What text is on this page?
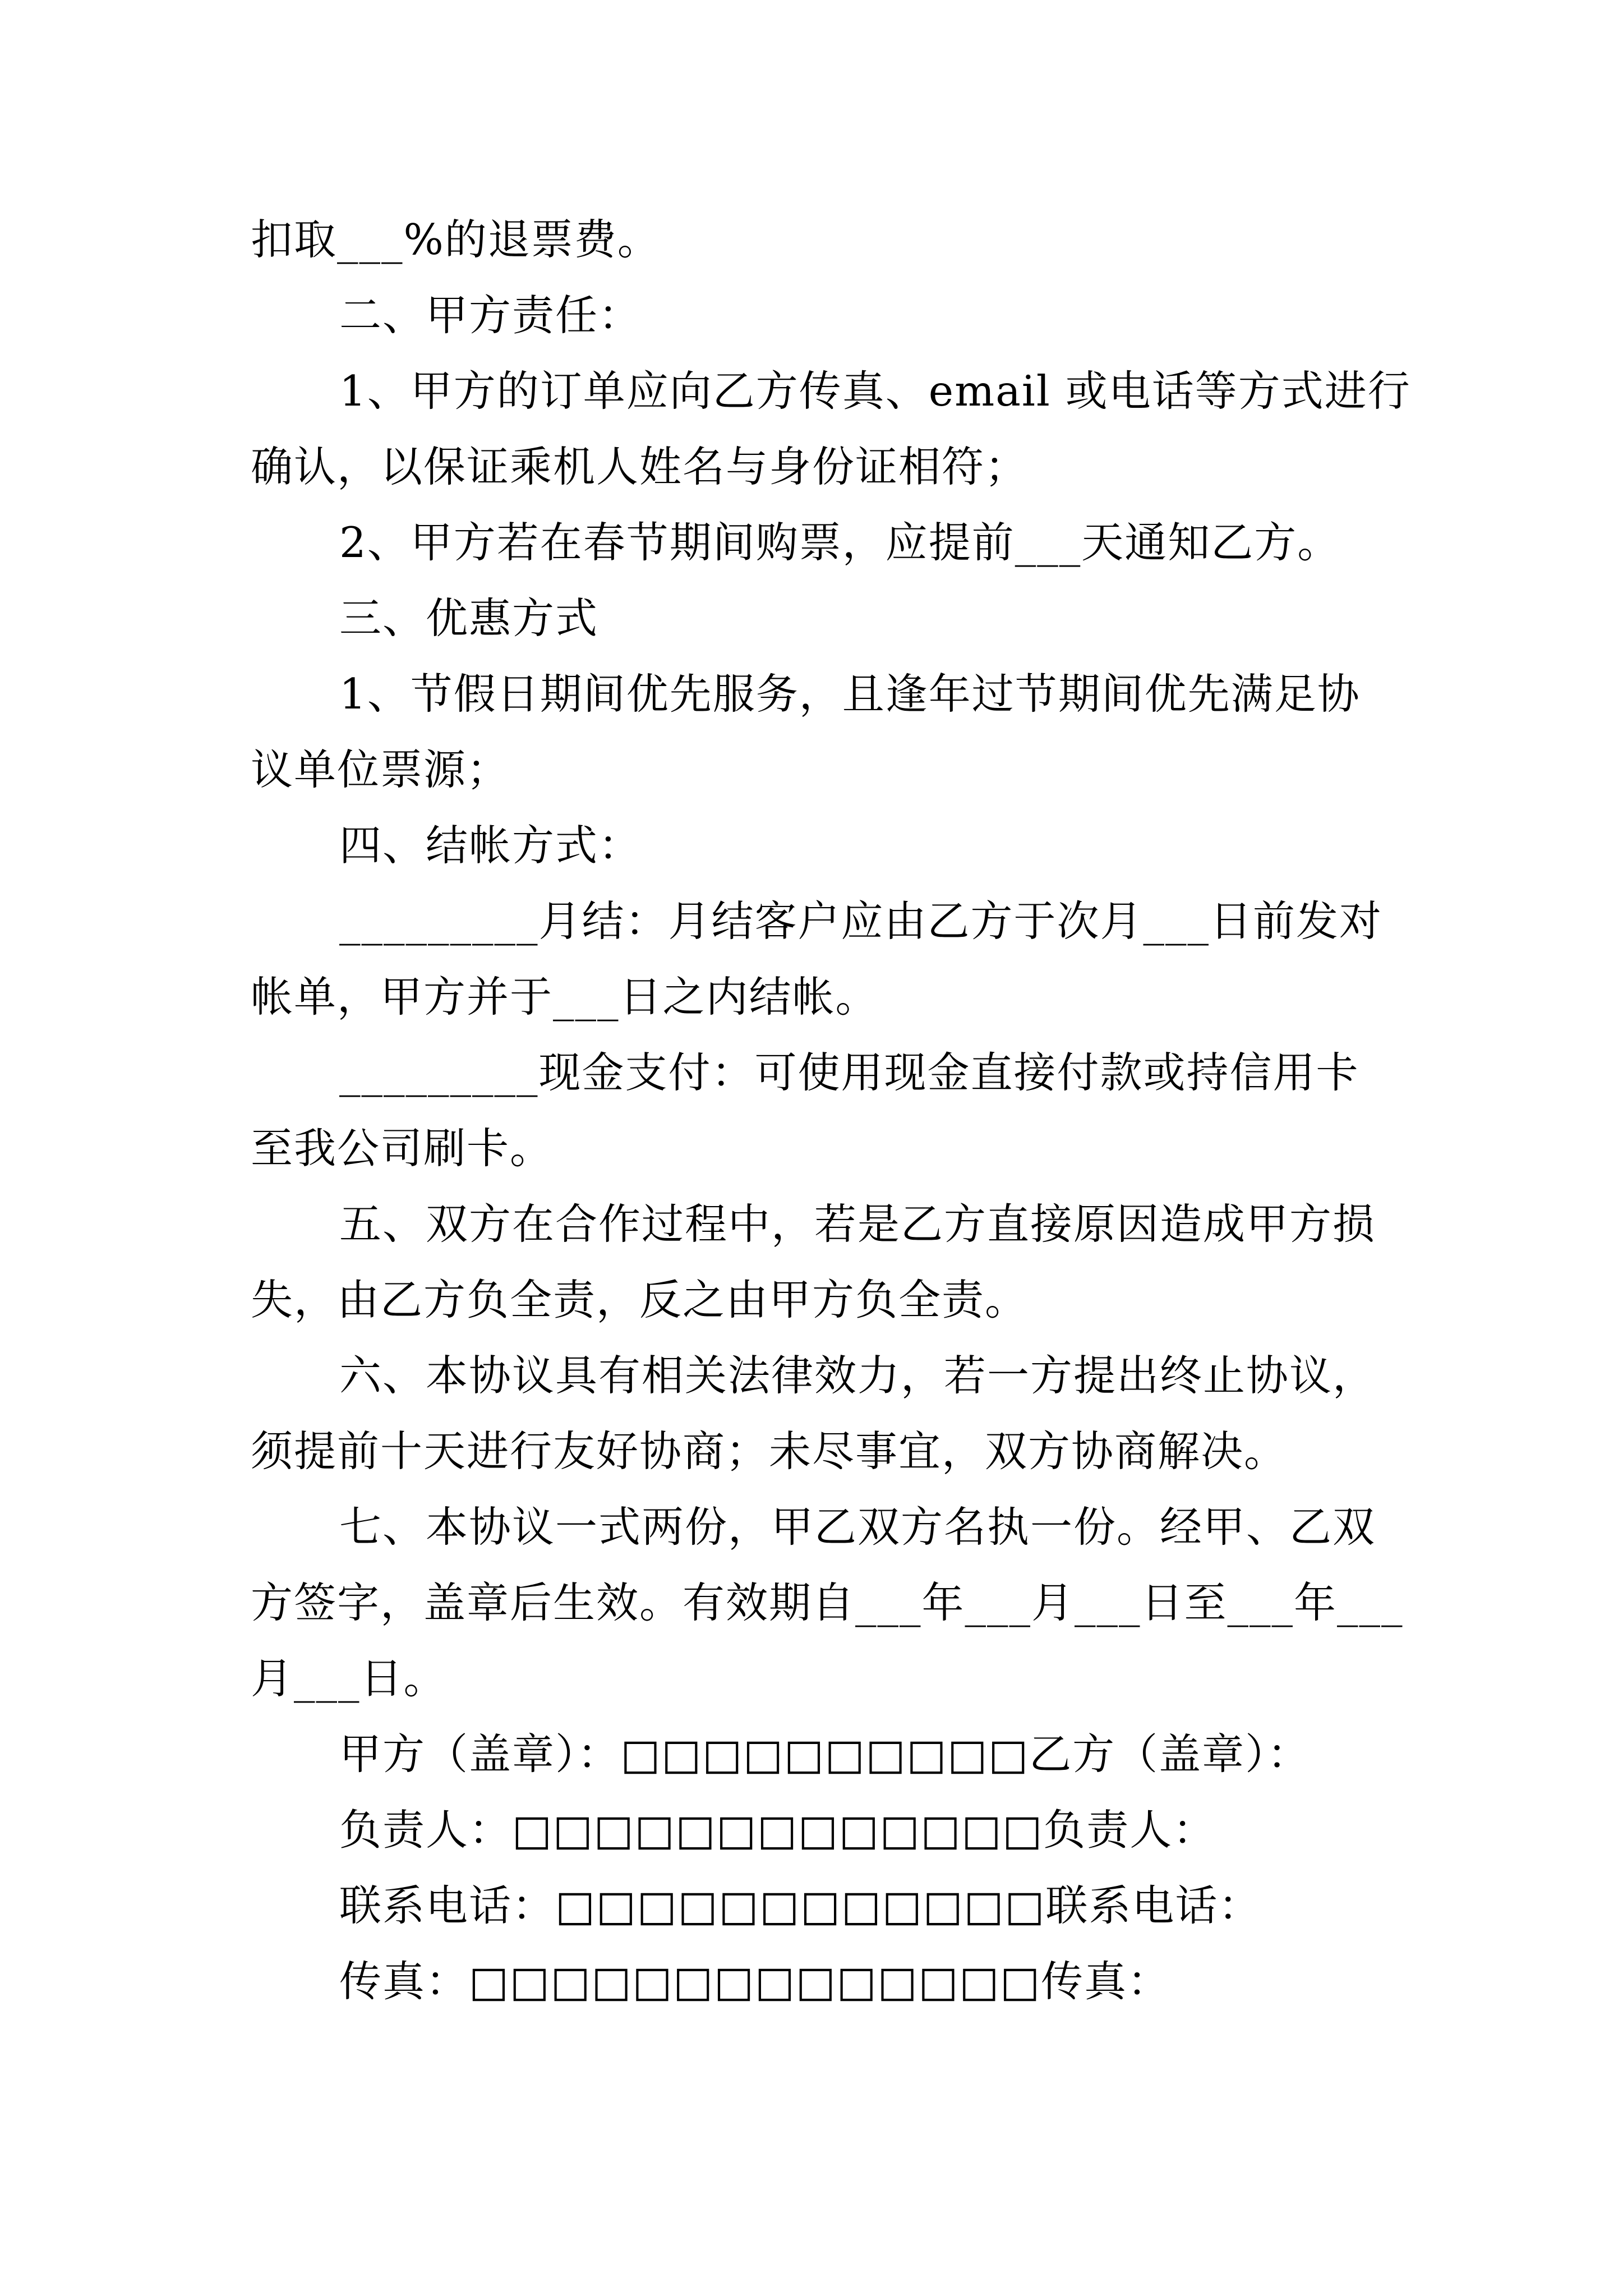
扣取___%的退票费。
二、甲方责任：
1、甲方的订单应向乙方传真、email 或电话等方式进行
确认，以保证乘机人姓名与身份证相符；
2、甲方若在春节期间购票，应提前___天通知乙方。
三、优惠方式
1、节假日期间优先服务，且逢年过节期间优先满足协
议单位票源；
四、结帐方式：
_________月结：月结客户应由乙方于次月___日前发对
帐单，甲方并于___日之内结帐。
_________现金支付：可使用现金直接付款或持信用卡
至我公司刷卡。
五、双方在合作过程中，若是乙方直接原因造成甲方损
失，由乙方负全责，反之由甲方负全责。
六、本协议具有相关法律效力，若一方提出终止协议，
须提前十天进行友好协商；未尽事宜，双方协商解决。
七、本协议一式两份，甲乙双方名执一份。经甲、乙双
方签字，盖章后生效。有效期自___年___月___日至___年___
月___日。
甲方（盖章）：□□□□□□□□□□乙方（盖章）：
负责人：□□□□□□□□□□□□□负责人：
联系电话：□□□□□□□□□□□□联系电话：
传真：□□□□□□□□□□□□□□传真：
